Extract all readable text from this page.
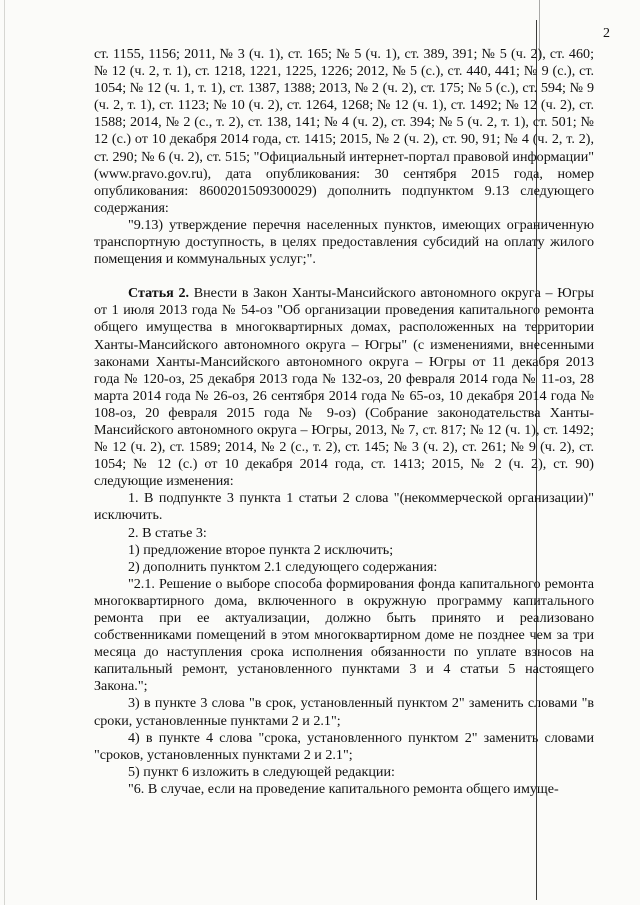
2

ст. 1155, 1156; 2011, № 3 (ч. 1), ст. 165; № 5 (ч. 1), ст. 389, 391; № 5 (ч. 2), ст. 460; № 12 (ч. 2, т. 1), ст. 1218, 1221, 1225, 1226; 2012, № 5 (с.), ст. 440, 441; № 9 (с.), ст. 1054; № 12 (ч. 1, т. 1), ст. 1387, 1388; 2013, № 2 (ч. 2), ст. 175; № 5 (с.), ст. 594; № 9 (ч. 2, т. 1), ст. 1123; № 10 (ч. 2), ст. 1264, 1268; № 12 (ч. 1), ст. 1492; № 12 (ч. 2), ст. 1588; 2014, № 2 (с., т. 2), ст. 138, 141; № 4 (ч. 2), ст. 394; № 5 (ч. 2, т. 1), ст. 501; № 12 (с.) от 10 декабря 2014 года, ст. 1415; 2015, № 2 (ч. 2), ст. 90, 91; № 4 (ч. 2, т. 2), ст. 290; № 6 (ч. 2), ст. 515; "Официальный интернет-портал правовой информации" (www.pravo.gov.ru), дата опубликования: 30 сентября 2015 года, номер опубликования: 8600201509300029) дополнить подпунктом 9.13 следующего содержания:

"9.13) утверждение перечня населенных пунктов, имеющих ограниченную транспортную доступность, в целях предоставления субсидий на оплату жилого помещения и коммунальных услуг;".

Статья 2. Внести в Закон Ханты-Мансийского автономного округа – Югры от 1 июля 2013 года № 54-оз "Об организации проведения капитального ремонта общего имущества в многоквартирных домах, расположенных на территории Ханты-Мансийского автономного округа – Югры" (с изменениями, внесенными законами Ханты-Мансийского автономного округа – Югры от 11 декабря 2013 года № 120-оз, 25 декабря 2013 года № 132-оз, 20 февраля 2014 года № 11-оз, 28 марта 2014 года № 26-оз, 26 сентября 2014 года № 65-оз, 10 декабря 2014 года № 108-оз, 20 февраля 2015 года № 9-оз) (Собрание законодательства Ханты-Мансийского автономного округа – Югры, 2013, № 7, ст. 817; № 12 (ч. 1), ст. 1492; № 12 (ч. 2), ст. 1589; 2014, № 2 (с., т. 2), ст. 145; № 3 (ч. 2), ст. 261; № 9 (ч. 2), ст. 1054; № 12 (с.) от 10 декабря 2014 года, ст. 1413; 2015, № 2 (ч. 2), ст. 90) следующие изменения:

1. В подпункте 3 пункта 1 статьи 2 слова "(некоммерческой организации)" исключить.

2. В статье 3:

1) предложение второе пункта 2 исключить;

2) дополнить пунктом 2.1 следующего содержания:

"2.1. Решение о выборе способа формирования фонда капитального ремонта многоквартирного дома, включенного в окружную программу капитального ремонта при ее актуализации, должно быть принято и реализовано собственниками помещений в этом многоквартирном доме не позднее чем за три месяца до наступления срока исполнения обязанности по уплате взносов на капитальный ремонт, установленного пунктами 3 и 4 статьи 5 настоящего Закона.";

3) в пункте 3 слова "в срок, установленный пунктом 2" заменить словами "в сроки, установленные пунктами 2 и 2.1";

4) в пункте 4 слова "срока, установленного пунктом 2" заменить словами "сроков, установленных пунктами 2 и 2.1";

5) пункт 6 изложить в следующей редакции:

"6. В случае, если на проведение капитального ремонта общего имуще-
